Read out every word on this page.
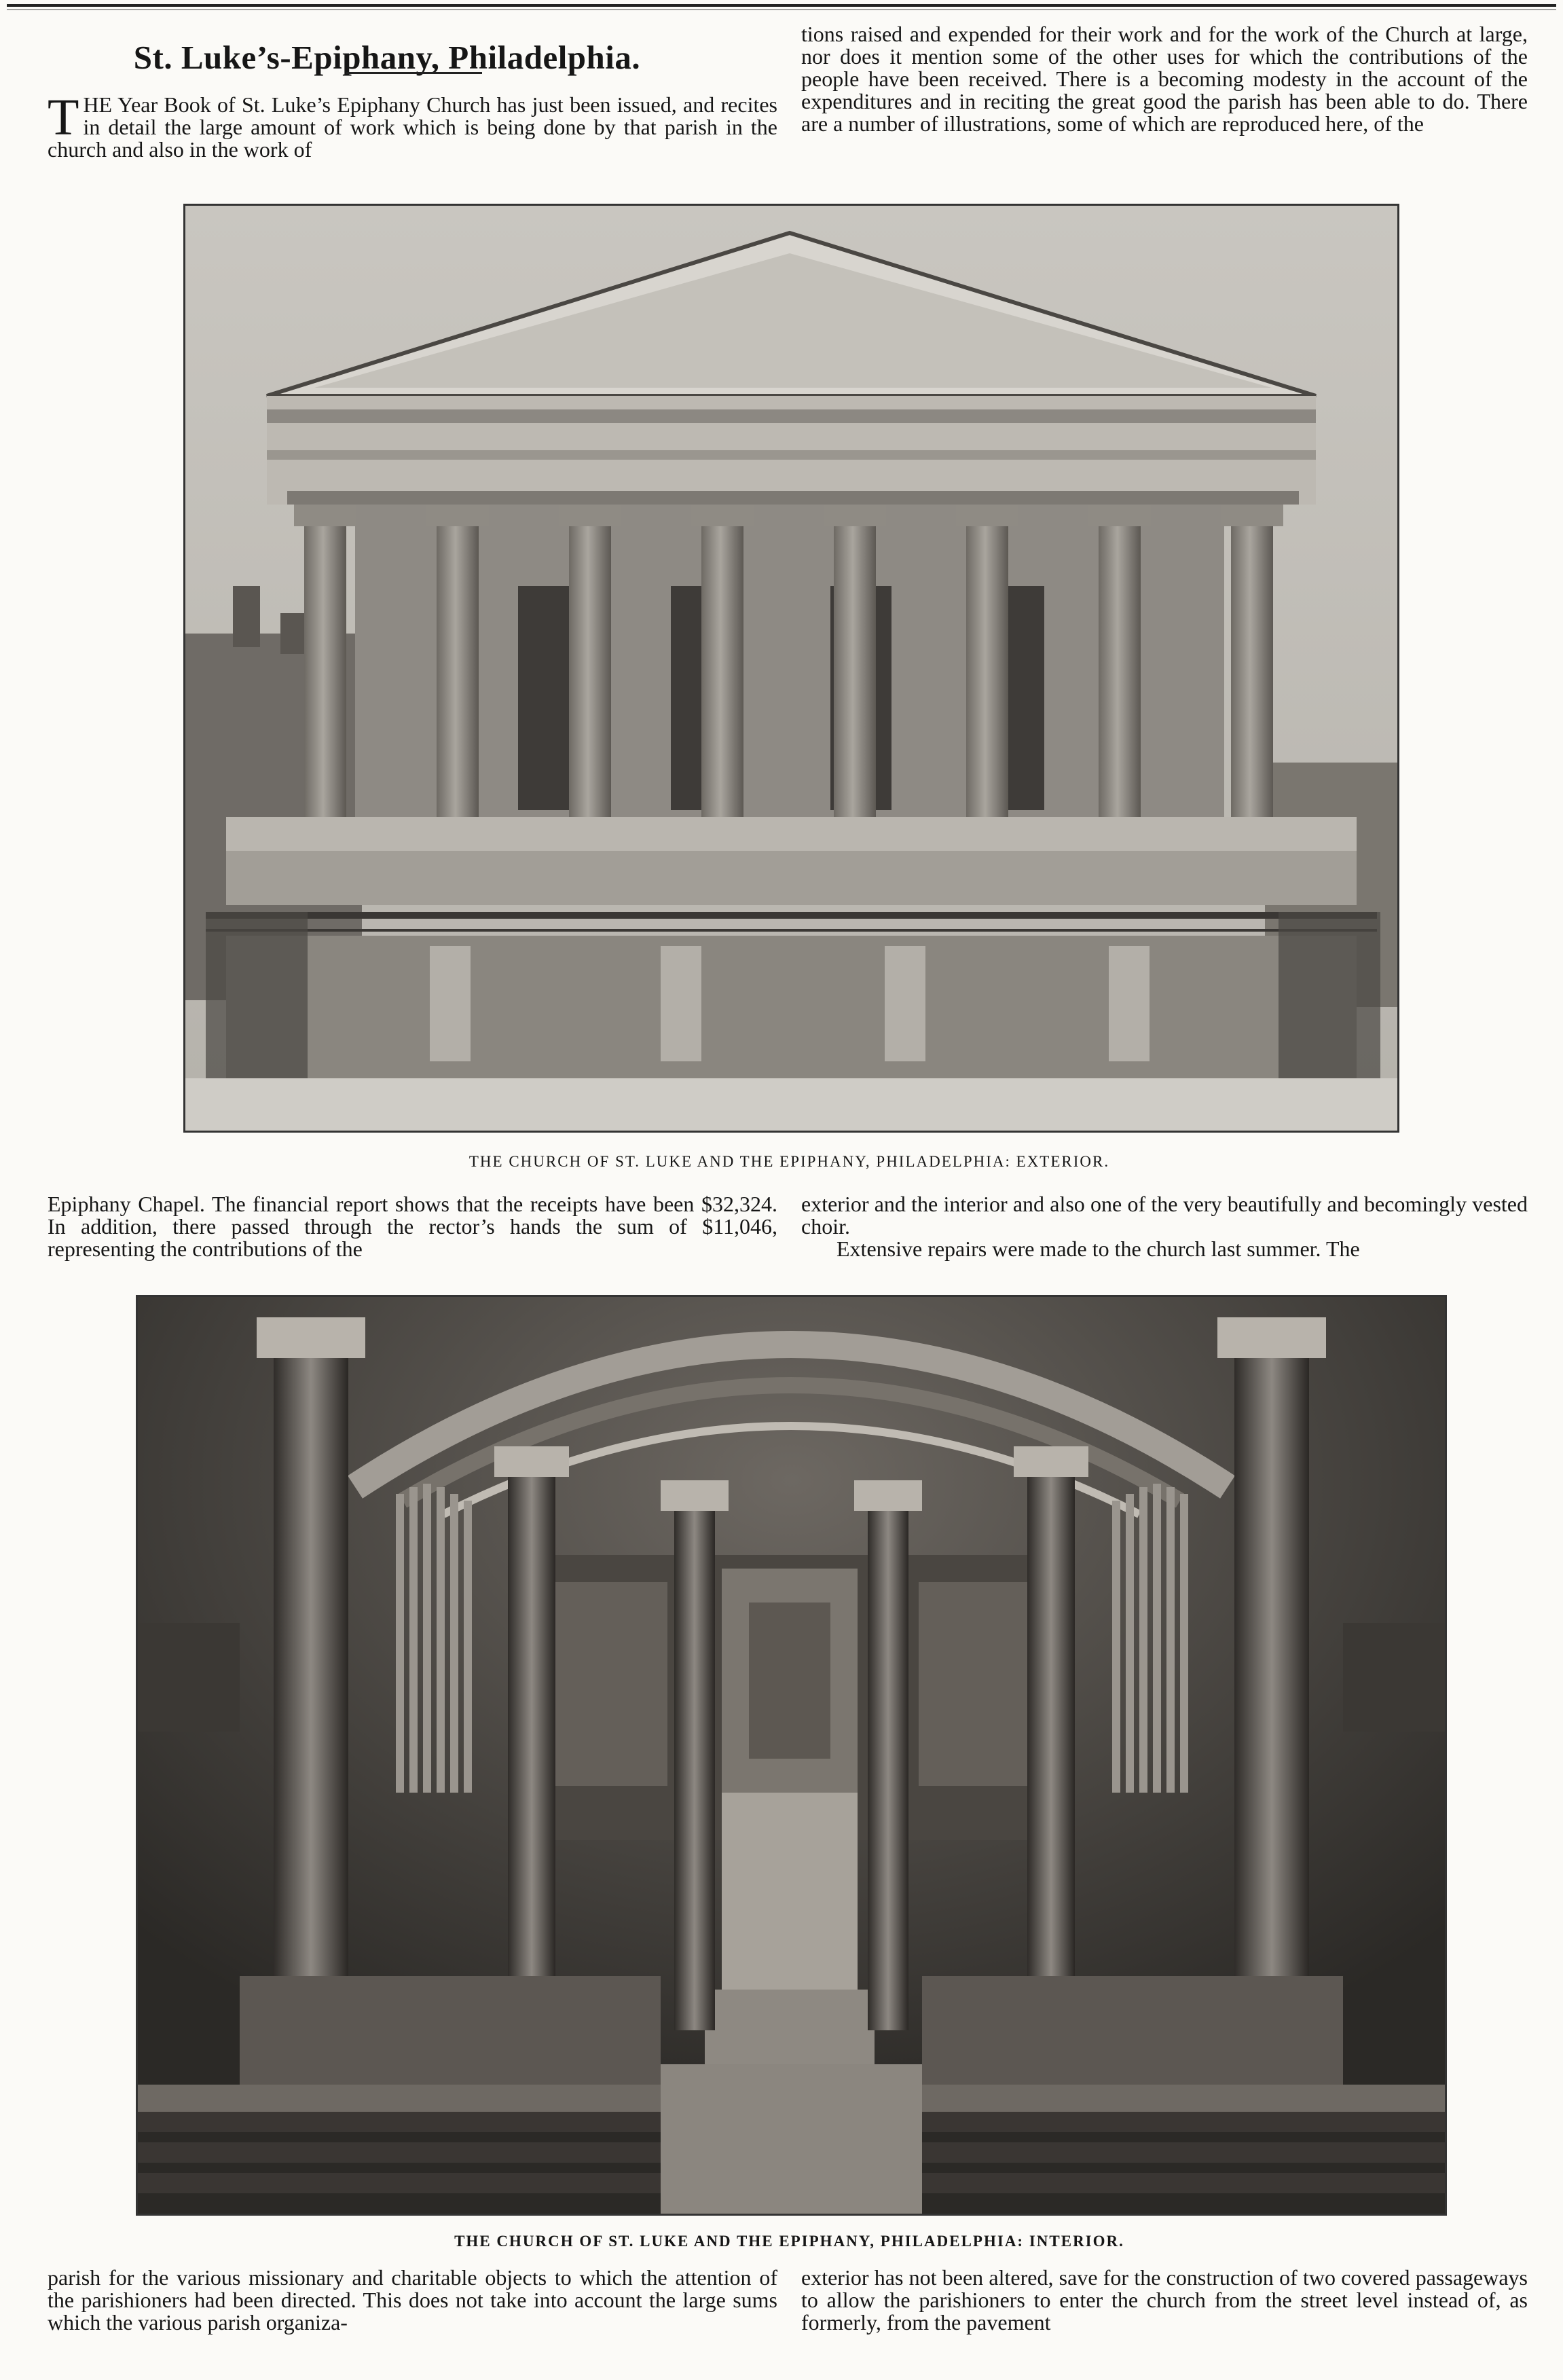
St. Luke’s-Epiphany, Philadelphia.

THE Year Book of St. Luke’s Epiphany Church has just been issued, and recites in detail the large amount of work which is being done by that parish in the church and also in the work of

tions raised and expended for their work and for the work of the Church at large, nor does it mention some of the other uses for which the contributions of the people have been received. There is a becoming modesty in the account of the expenditures and in reciting the great good the parish has been able to do. There are a number of illustrations, some of which are reproduced here, of the

THE CHURCH OF ST. LUKE AND THE EPIPHANY, PHILADELPHIA: EXTERIOR.

Epiphany Chapel. The financial report shows that the receipts have been $32,324. In addition, there passed through the rector’s hands the sum of $11,046, representing the contributions of the

exterior and the interior and also one of the very beautifully and becomingly vested choir.

Extensive repairs were made to the church last summer. The

THE CHURCH OF ST. LUKE AND THE EPIPHANY, PHILADELPHIA: INTERIOR.

parish for the various missionary and charitable objects to which the attention of the parishioners had been directed. This does not take into account the large sums which the various parish organiza-

exterior has not been altered, save for the construction of two covered passageways to allow the parishioners to enter the church from the street level instead of, as formerly, from the pavement
